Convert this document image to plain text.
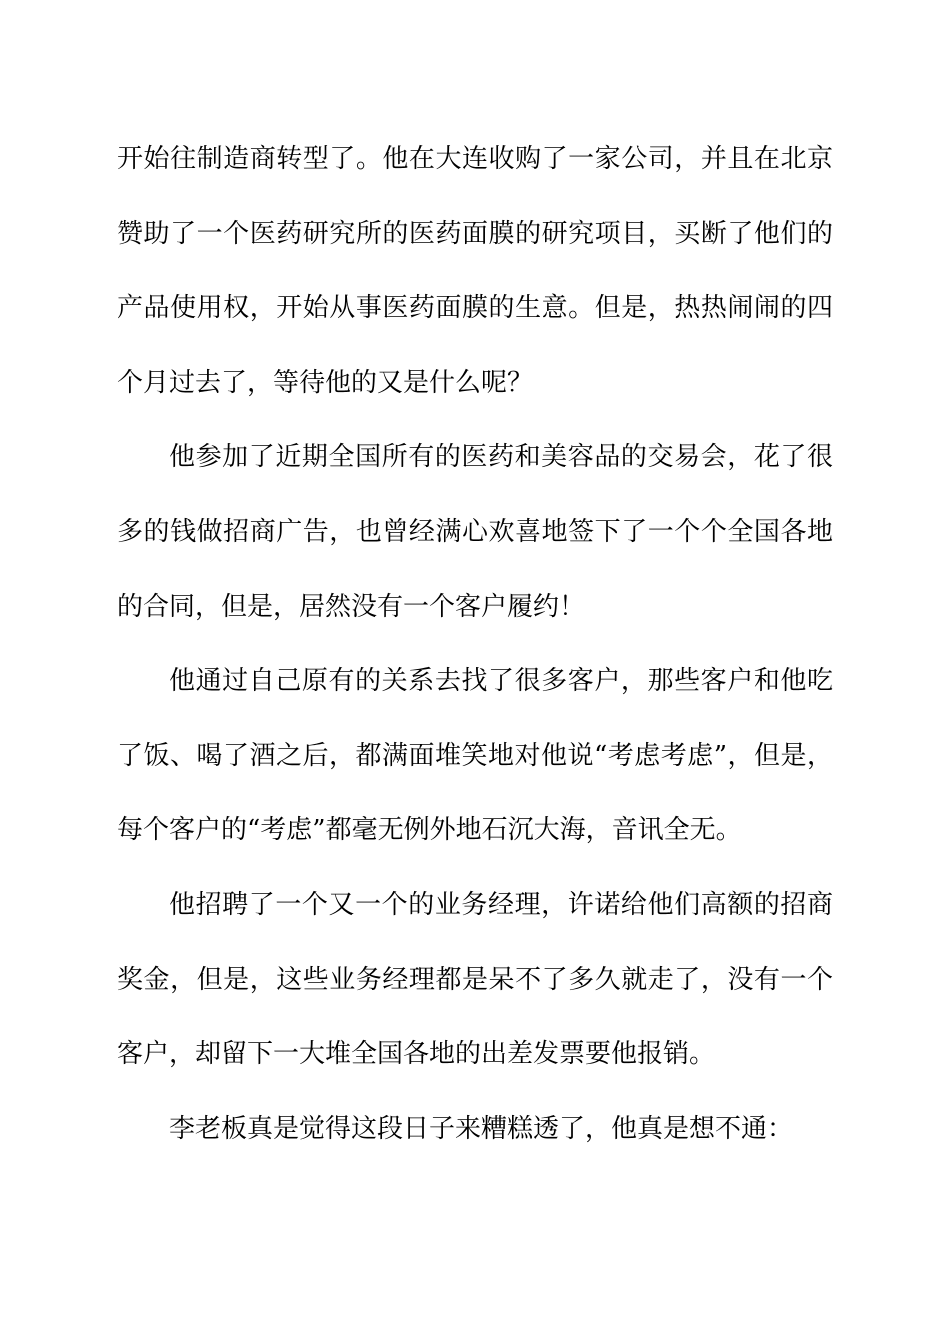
开始往制造商转型了。他在大连收购了一家公司，并且在北京赞助了一个医药研究所的医药面膜的研究项目，买断了他们的产品使用权，开始从事医药面膜的生意。但是，热热闹闹的四个月过去了，等待他的又是什么呢？

他参加了近期全国所有的医药和美容品的交易会，花了很多的钱做招商广告，也曾经满心欢喜地签下了一个个全国各地的合同，但是，居然没有一个客户履约！

他通过自己原有的关系去找了很多客户，那些客户和他吃了饭、喝了酒之后，都满面堆笑地对他说“考虑考虑”，但是，每个客户的“考虑”都毫无例外地石沉大海，音讯全无。

他招聘了一个又一个的业务经理，许诺给他们高额的招商奖金，但是，这些业务经理都是呆不了多久就走了，没有一个客户，却留下一大堆全国各地的出差发票要他报销。

李老板真是觉得这段日子来糟糕透了，他真是想不通：
